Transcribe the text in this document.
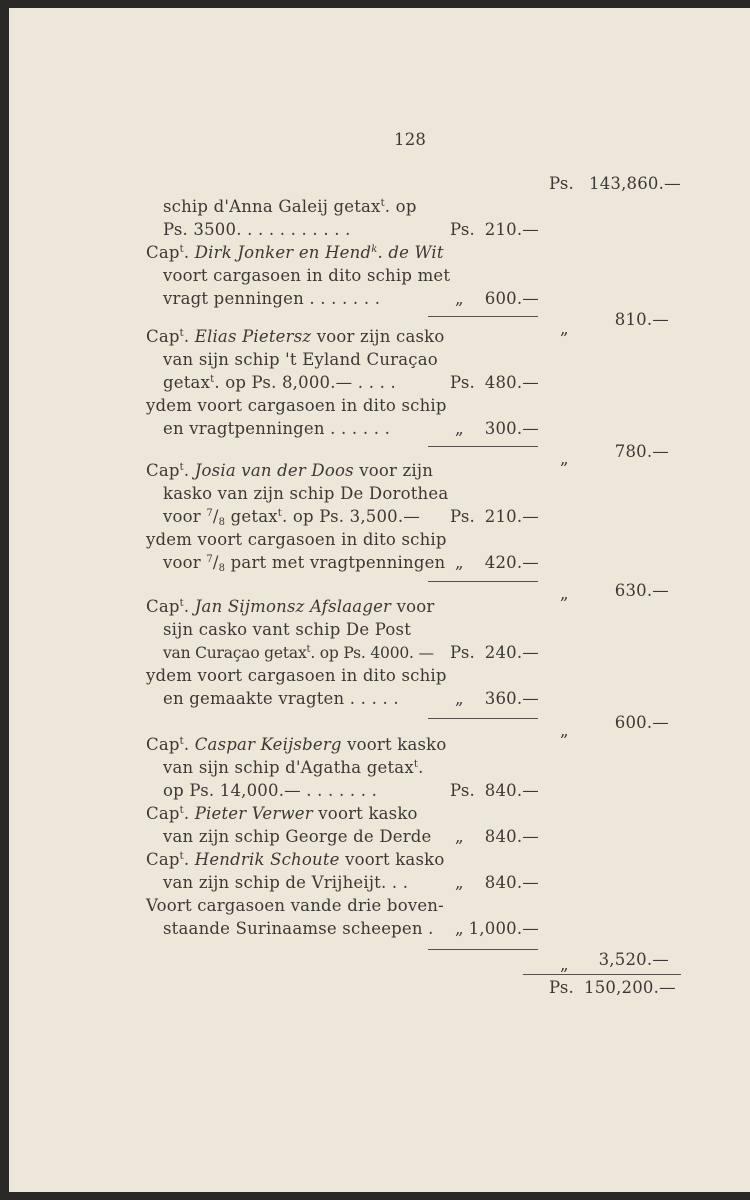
128
Ps. 143,860.—
schip d'Anna Galeij getax$^t$. op
Ps. 3500. . . . . . . . . . .	Ps. 210.—
Cap$^t$. Dirk Jonker en Hend$^k$. de Wit
voort cargasoen in dito schip met
vragt penningen . . . . . . .	„	600.—
„	810.—
Cap$^t$. Elias Pietersz voor zijn casko
van sijn schip 't Eyland Curaçao
getax$^t$. op Ps. 8,000.— . . . .	Ps. 480.—
ydem voort cargasoen in dito schip
en vragtpenningen . . . . . .	„	300.—
„	780.—
Cap$^t$. Josia van der Doos voor zijn
kasko van zijn schip De Dorothea
voor $^7/_8$ getax$^t$. op Ps. 3,500.— Ps. 210.—
ydem voort cargasoen in dito schip
voor $^7/_8$ part met vragtpenningen „	420.—
„	630.—
Cap$^t$. Jan Sijmonsz Afslaager voor
sijn casko vant schip De Post
van Curaçao getax$^t$. op Ps. 4000. — Ps. 240.—
ydem voort cargasoen in dito schip
en gemaakte vragten . . . . .	„	360.—
„	600.—
Cap$^t$. Caspar Keijsberg voort kasko
van sijn schip d'Agatha getax$^t$.
op Ps. 14,000.— . . . . . . .	Ps. 840.—
Cap$^t$. Pieter Verwer voort kasko
van zijn schip George de Derde „	840.—
Cap$^t$. Hendrik Schoute voort kasko
van zijn schip de Vrijheijt. . .	„	840.—
Voort cargasoen vande drie boven-
staande Surinaamse scheepen . „ 1,000.—
„	3,520.—
Ps. 150,200.—
